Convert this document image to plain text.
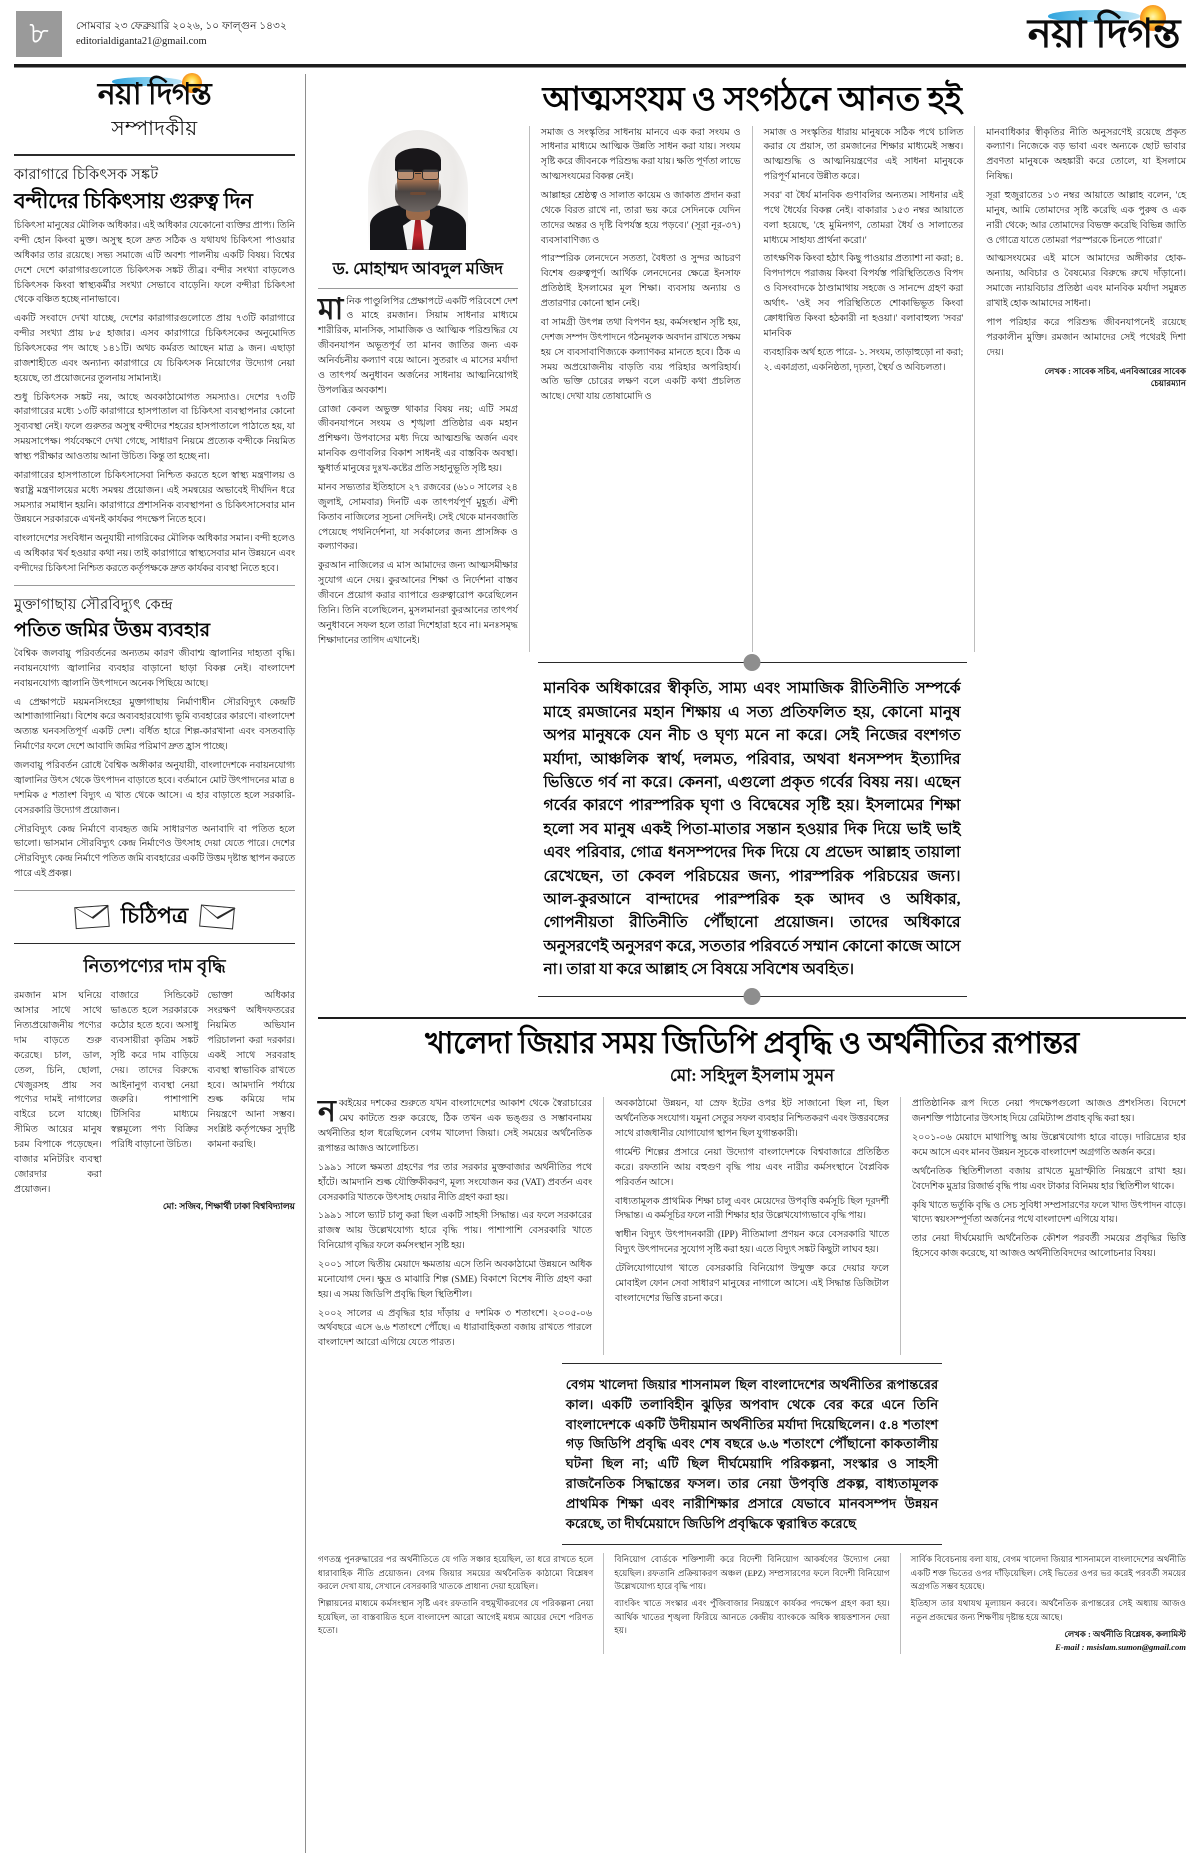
৮	সোমবার ২৩ ফেব্রুয়ারি ২০২৬, ১০ ফাল্গুন ১৪৩২
editorialdiganta21@gmail.com	নয়া দিগন্ত
নয়া দিগন্ত
সম্পাদকীয়
কারাগারে চিকিৎসক সঙ্কট
বন্দীদের চিকিৎসায় গুরুত্ব দিন

চিকিৎসা মানুষের মৌলিক অধিকার। এই অধিকার যেকোনো ব্যক্তির প্রাপ্য। তিনি বন্দী হোন কিংবা মুক্ত। অসুস্থ হলে দ্রুত সঠিক ও যথাযথ চিকিৎসা পাওয়ার অধিকার তার রয়েছে। সভ্য সমাজে এটি অবশ্য পালনীয় একটি বিষয়। বিশ্বের দেশে দেশে কারাগারগুলোতে চিকিৎসক সঙ্কট তীব্র। বন্দীর সংখ্যা বাড়লেও চিকিৎসক কিংবা স্বাস্থ্যকর্মীর সংখ্যা সেভাবে বাড়েনি। ফলে বন্দীরা চিকিৎসা থেকে বঞ্চিত হচ্ছে নানাভাবে।

একটি সংবাদে দেখা যাচ্ছে, দেশের কারাগারগুলোতে প্রায় ৭৩টি কারাগারে বন্দীর সংখ্যা প্রায় ৮৫ হাজার। এসব কারাগারে চিকিৎসকের অনুমোদিত চিকিৎসকের পদ আছে ১৪১টি। অথচ কর্মরত আছেন মাত্র ৯ জন। এছাড়া রাজশাহীতে এবং অন্যান্য কারাগারে যে চিকিৎসক নিয়োগের উদ্যোগ নেয়া হয়েছে, তা প্রয়োজনের তুলনায় সামান্যই।

শুধু চিকিৎসক সঙ্কট নয়, আছে অবকাঠামোগত সমস্যাও। দেশের ৭৩টি কারাগারের মধ্যে ১৩টি কারাগারে হাসপাতাল বা চিকিৎসা ব্যবস্থাপনার কোনো সুব্যবস্থা নেই। ফলে গুরুতর অসুস্থ বন্দীদের শহরের হাসপাতালে পাঠাতে হয়, যা সময়সাপেক্ষ। পর্যবেক্ষণে দেখা গেছে, সাধারণ নিয়মে প্রত্যেক বন্দীকে নিয়মিত স্বাস্থ্য পরীক্ষার আওতায় আনা উচিত। কিন্তু তা হচ্ছে না।

কারাগারের হাসপাতালে চিকিৎসাসেবা নিশ্চিত করতে হলে স্বাস্থ্য মন্ত্রণালয় ও স্বরাষ্ট্র মন্ত্রণালয়ের মধ্যে সমন্বয় প্রয়োজন। এই সমন্বয়ের অভাবেই দীর্ঘদিন ধরে সমস্যার সমাধান হয়নি। কারাগারে প্রশাসনিক ব্যবস্থাপনা ও চিকিৎসাসেবার মান উন্নয়নে সরকারকে এখনই কার্যকর পদক্ষেপ নিতে হবে।

বাংলাদেশের সংবিধান অনুযায়ী নাগরিকের মৌলিক অধিকার সমান। বন্দী হলেও এ অধিকার খর্ব হওয়ার কথা নয়। তাই কারাগারে স্বাস্থ্যসেবার মান উন্নয়নে এবং বন্দীদের চিকিৎসা নিশ্চিত করতে কর্তৃপক্ষকে দ্রুত কার্যকর ব্যবস্থা নিতে হবে।

মুক্তাগাছায় সৌরবিদ্যুৎ কেন্দ্র
পতিত জমির উত্তম ব্যবহার

বৈশ্বিক জলবায়ু পরিবর্তনের অন্যতম কারণ জীবাশ্ম জ্বালানির দাহ্যতা বৃদ্ধি। নবায়নযোগ্য জ্বালানির ব্যবহার বাড়ানো ছাড়া বিকল্প নেই। বাংলাদেশ নবায়নযোগ্য জ্বালানি উৎপাদনে অনেক পিছিয়ে আছে।

এ প্রেক্ষাপটে ময়মনসিংহের মুক্তাগাছায় নির্মাণাধীন সৌরবিদ্যুৎ কেন্দ্রটি আশাজাগানিয়া। বিশেষ করে অব্যবহারযোগ্য ভূমি ব্যবহারের কারণে। বাংলাদেশ অত্যন্ত ঘনবসতিপূর্ণ একটি দেশ। বর্ধিত হারে শিল্প-কারখানা এবং বসতবাড়ি নির্মাণের ফলে দেশে আবাদি জমির পরিমাণ দ্রুত হ্রাস পাচ্ছে।

জলবায়ু পরিবর্তন রোধে বৈশ্বিক অঙ্গীকার অনুযায়ী, বাংলাদেশকে নবায়নযোগ্য জ্বালানির উৎস থেকে উৎপাদন বাড়াতে হবে। বর্তমানে মোট উৎপাদনের মাত্র ৪ দশমিক ৫ শতাংশ বিদ্যুৎ এ খাত থেকে আসে। এ হার বাড়াতে হলে সরকারি-বেসরকারি উদ্যোগ প্রয়োজন।

সৌরবিদ্যুৎ কেন্দ্র নির্মাণে ব্যবহৃত জমি সাধারণত অনাবাদি বা পতিত হলে ভালো। ভাসমান সৌরবিদ্যুৎ কেন্দ্র নির্মাণেও উৎসাহ দেয়া যেতে পারে। দেশের সৌরবিদ্যুৎ কেন্দ্র নির্মাণে পতিত জমি ব্যবহারের একটি উত্তম দৃষ্টান্ত স্থাপন করতে পারে এই প্রকল্প।

চিঠিপত্র
নিত্যপণ্যের দাম বৃদ্ধি
রমজান মাস ঘনিয়ে আসার সাথে সাথে নিত্যপ্রয়োজনীয় পণ্যের দাম বাড়তে শুরু করেছে। চাল, ডাল, তেল, চিনি, ছোলা, খেজুরসহ প্রায় সব পণ্যের দামই নাগালের বাইরে চলে যাচ্ছে। সীমিত আয়ের মানুষ চরম বিপাকে পড়েছেন। বাজার মনিটরিং ব্যবস্থা জোরদার করা প্রয়োজন।
বাজারে সিন্ডিকেট ভাঙতে হলে সরকারকে কঠোর হতে হবে। অসাধু ব্যবসায়ীরা কৃত্রিম সঙ্কট সৃষ্টি করে দাম বাড়িয়ে দেয়। তাদের বিরুদ্ধে আইনানুগ ব্যবস্থা নেয়া জরুরি। পাশাপাশি টিসিবির মাধ্যমে স্বল্পমূল্যে পণ্য বিক্রির পরিধি বাড়ানো উচিত।
ভোক্তা অধিকার সংরক্ষণ অধিদফতরের নিয়মিত অভিযান পরিচালনা করা দরকার। একই সাথে সরবরাহ ব্যবস্থা স্বাভাবিক রাখতে হবে। আমদানি পর্যায়ে শুল্ক কমিয়ে দাম নিয়ন্ত্রণে আনা সম্ভব। সংশ্লিষ্ট কর্তৃপক্ষের সুদৃষ্টি কামনা করছি।
মো: সজিব, শিক্ষার্থী ঢাকা বিশ্ববিদ্যালয়
আত্মসংযম ও সংগঠনে আনত হই
ড. মোহাম্মদ আবদুল মজিদ

মানিক পাণ্ডুলিপির প্রেক্ষাপটে একটি পরিবেশে দেশ ও মাহে রমজান। সিয়াম সাধনার মাধ্যমে শারীরিক, মানসিক, সামাজিক ও আত্মিক পরিশুদ্ধির যে জীবনযাপন অভূতপূর্ব তা মানব জাতির জন্য এক অনির্বচনীয় কল্যাণ বয়ে আনে। সুতরাং এ মাসের মর্যাদা ও তাৎপর্য অনুধাবন অর্জনের সাধনায় আত্মনিয়োগই উপলব্ধির অবকাশ।

রোজা কেবল অভুক্ত থাকার বিষয় নয়; এটি সমগ্র জীবনযাপনে সংযম ও শৃঙ্খলা প্রতিষ্ঠার এক মহান প্রশিক্ষণ। উপবাসের মধ্য দিয়ে আত্মশুদ্ধি অর্জন এবং মানবিক গুণাবলির বিকাশ সাধনই এর বাস্তবিক অবস্থা। ক্ষুধার্ত মানুষের দুঃখ-কষ্টের প্রতি সহানুভূতি সৃষ্টি হয়।

মানব সভ্যতার ইতিহাসে ২৭ রজবের (৬১০ সালের ২৪ জুলাই, সোমবার) দিনটি এক তাৎপর্যপূর্ণ মুহূর্ত। ঐশী কিতাব নাজিলের সূচনা সেদিনই। সেই থেকে মানবজাতি পেয়েছে পথনির্দেশনা, যা সর্বকালের জন্য প্রাসঙ্গিক ও কল্যাণকর।

কুরআন নাজিলের এ মাস আমাদের জন্য আত্মসমীক্ষার সুযোগ এনে দেয়। কুরআনের শিক্ষা ও নির্দেশনা বাস্তব জীবনে প্রয়োগ করার ব্যাপারে গুরুত্বারোপ করেছিলেন তিনি। তিনি বলেছিলেন, মুসলমানরা কুরআনের তাৎপর্য অনুধাবনে সফল হলে তারা দিশেহারা হবে না। মনঃসমৃদ্ধ শিক্ষাদানের তাগিদ এখানেই।

সমাজ ও সংস্কৃতির সাধনায় মানবে এক করা সংযম ও সাধনার মাধ্যমে আত্মিক উন্নতি সাধন করা যায়। সংযম সৃষ্টি করে জীবনকে পরিশুদ্ধ করা যায়। ক্ষতি পূর্ণতা লাভে আত্মসংযমের বিকল্প নেই।

আল্লাহর শ্রেষ্ঠত্ব ও সালাত কায়েম ও জাকাত প্রদান করা থেকে বিরত রাখে না, তারা ভয় করে সেদিনকে যেদিন তাদের অন্তর ও দৃষ্টি বিপর্যস্ত হয়ে পড়বে।' (সূরা নূর-৩৭) ব্যবসাবাণিজ্য ও

পারস্পরিক লেনদেনে সততা, বৈধতা ও সুন্দর আচরণ বিশেষ গুরুত্বপূর্ণ। আর্থিক লেনদেনের ক্ষেত্রে ইনসাফ প্রতিষ্ঠাই ইসলামের মূল শিক্ষা। ব্যবসায় অন্যায় ও প্রতারণার কোনো স্থান নেই।

বা সামগ্রী উৎপন্ন তথা বিপণন হয়, কর্মসংস্থান সৃষ্টি হয়, দেশজ সম্পদ উৎপাদনে গঠনমূলক অবদান রাখতে সক্ষম হয় সে ব্যবসাবাণিজ্যকে কল্যাণকর মানতে হবে। ঠিক এ সময় অপ্রয়োজনীয় বাড়তি ব্যয় পরিহার অপরিহার্য। অতি ভক্তি চোরের লক্ষণ বলে একটি কথা প্রচলিত আছে। দেখা যায় তোষামোদি ও

সমাজ ও সংস্কৃতির ধারায় মানুষকে সঠিক পথে চালিত করার যে প্রয়াস, তা রমজানের শিক্ষার মাধ্যমেই সম্ভব। আত্মশুদ্ধি ও আত্মনিয়ন্ত্রণের এই সাধনা মানুষকে পরিপূর্ণ মানবে উন্নীত করে।

সবর' বা ধৈর্য মানবিক গুণাবলির অন্যতম। সাধনার এই পথে ধৈর্যের বিকল্প নেই। বাকারার ১৫৩ নম্বর আয়াতে বলা হয়েছে, 'হে মুমিনগণ, তোমরা ধৈর্য ও সালাতের মাধ্যমে সাহায্য প্রার্থনা করো।'

তাৎক্ষণিক কিংবা হঠাৎ কিছু পাওয়ার প্রত্যাশা না করা; ৪. বিপদাপদে পরাজয় কিংবা বিপর্যস্ত পরিস্থিতিতেও বিপদ ও বিসংবাদকে ঠাণ্ডামাথায় সহজে ও সানন্দে গ্রহণ করা অর্থাৎ- 'ওই সব পরিস্থিতিতে শোকাভিভূত কিংবা ক্রোধান্বিত কিংবা হঠকারী না হওয়া।' বলাবাহুল্য 'সবর' মানবিক

ব্যবহারিক অর্থ হতে পারে- ১. সংযম, তাড়াহুড়ো না করা; ২. একাগ্রতা, একনিষ্ঠতা, দৃঢ়তা, স্থৈর্য ও অবিচলতা।

মানবাধিকার স্বীকৃতির নীতি অনুসরণেই রয়েছে প্রকৃত কল্যাণ। নিজেকে বড় ভাবা এবং অন্যকে ছোট ভাবার প্রবণতা মানুষকে অহঙ্কারী করে তোলে, যা ইসলামে নিষিদ্ধ।

সূরা হুজুরাতের ১৩ নম্বর আয়াতে আল্লাহ বলেন, 'হে মানুষ, আমি তোমাদের সৃষ্টি করেছি এক পুরুষ ও এক নারী থেকে; আর তোমাদের বিভক্ত করেছি বিভিন্ন জাতি ও গোত্রে যাতে তোমরা পরস্পরকে চিনতে পারো।'

আত্মসংযমের এই মাসে আমাদের অঙ্গীকার হোক- অন্যায়, অবিচার ও বৈষম্যের বিরুদ্ধে রুখে দাঁড়ানো। সমাজে ন্যায়বিচার প্রতিষ্ঠা এবং মানবিক মর্যাদা সমুন্নত রাখাই হোক আমাদের সাধনা।

পাপ পরিহার করে পরিশুদ্ধ জীবনযাপনেই রয়েছে পরকালীন মুক্তি। রমজান আমাদের সেই পথেরই দিশা দেয়।

লেখক : সাবেক সচিব, এনবিআরের সাবেক
চেয়ারম্যান
মানবিক অধিকারের স্বীকৃতি, সাম্য এবং সামাজিক রীতিনীতি সম্পর্কে মাহে রমজানের মহান শিক্ষায় এ সত্য প্রতিফলিত হয়, কোনো মানুষ অপর মানুষকে যেন নীচ ও ঘৃণ্য মনে না করে। সেই নিজের বংশগত মর্যাদা, আঞ্চলিক স্বার্থ, দলমত, পরিবার, অথবা ধনসম্পদ ইত্যাদির ভিত্তিতে গর্ব না করে। কেননা, এগুলো প্রকৃত গর্বের বিষয় নয়। এছেন গর্বের কারণে পারস্পরিক ঘৃণা ও বিদ্বেষের সৃষ্টি হয়। ইসলামের শিক্ষা হলো সব মানুষ একই পিতা-মাতার সন্তান হওয়ার দিক দিয়ে ভাই ভাই এবং পরিবার, গোত্র ধনসম্পদের দিক দিয়ে যে প্রভেদ আল্লাহ তায়ালা রেখেছেন, তা কেবল পরিচয়ের জন্য, পারস্পরিক পরিচয়ের জন্য। আল-কুরআনে বান্দাদের পারস্পরিক হক আদব ও অধিকার, গোপনীয়তা রীতিনীতি পৌঁছানো প্রয়োজন। তাদের অধিকারে অনুসরণেই অনুসরণ করে, সততার পরিবর্তে সম্মান কোনো কাজে আসে না। তারা যা করে আল্লাহ সে বিষয়ে সবিশেষ অবহিত।
খালেদা জিয়ার সময় জিডিপি প্রবৃদ্ধি ও অর্থনীতির রূপান্তর
মো: সহিদুল ইসলাম সুমন

নব্বইয়ের দশকের শুরুতে যখন বাংলাদেশের আকাশ থেকে স্বৈরাচারের মেঘ কাটতে শুরু করেছে, ঠিক তখন এক ভঙ্গুর ও সম্ভাবনাময় অর্থনীতির হাল ধরেছিলেন বেগম খালেদা জিয়া। সেই সময়ের অর্থনৈতিক রূপান্তর আজও আলোচিত।

১৯৯১ সালে ক্ষমতা গ্রহণের পর তার সরকার মুক্তবাজার অর্থনীতির পথে হাঁটে। আমদানি শুল্ক যৌক্তিকীকরণ, মূল্য সংযোজন কর (VAT) প্রবর্তন এবং বেসরকারি খাতকে উৎসাহ দেয়ার নীতি গ্রহণ করা হয়।

১৯৯১ সালে ভ্যাট চালু করা ছিল একটি সাহসী সিদ্ধান্ত। এর ফলে সরকারের রাজস্ব আয় উল্লেখযোগ্য হারে বৃদ্ধি পায়। পাশাপাশি বেসরকারি খাতে বিনিয়োগ বৃদ্ধির ফলে কর্মসংস্থান সৃষ্টি হয়।

২০০১ সালে দ্বিতীয় মেয়াদে ক্ষমতায় এসে তিনি অবকাঠামো উন্নয়নে অধিক মনোযোগ দেন। ক্ষুদ্র ও মাঝারি শিল্প (SME) বিকাশে বিশেষ নীতি গ্রহণ করা হয়। এ সময় জিডিপি প্রবৃদ্ধি ছিল স্থিতিশীল।

২০০২ সালের এ প্রবৃদ্ধির হার দাঁড়ায় ৫ দশমিক ৩ শতাংশে। ২০০৫-০৬ অর্থবছরে এসে ৬.৬ শতাংশে পৌঁছে। এ ধারাবাহিকতা বজায় রাখতে পারলে বাংলাদেশ আরো এগিয়ে যেতে পারত।

অবকাঠামো উন্নয়ন, যা স্রেফ ইটের ওপর ইট সাজানো ছিল না, ছিল অর্থনৈতিক সংযোগ। যমুনা সেতুর সফল ব্যবহার নিশ্চিতকরণ এবং উত্তরবঙ্গের সাথে রাজধানীর যোগাযোগ স্থাপন ছিল যুগান্তকারী।

গার্মেন্ট শিল্পের প্রসারে নেয়া উদ্যোগ বাংলাদেশকে বিশ্ববাজারে প্রতিষ্ঠিত করে। রফতানি আয় বহুগুণ বৃদ্ধি পায় এবং নারীর কর্মসংস্থানে বৈপ্লবিক পরিবর্তন আসে।

বাধ্যতামূলক প্রাথমিক শিক্ষা চালু এবং মেয়েদের উপবৃত্তি কর্মসূচি ছিল দূরদর্শী সিদ্ধান্ত। এ কর্মসূচির ফলে নারী শিক্ষার হার উল্লেখযোগ্যভাবে বৃদ্ধি পায়।

স্বাধীন বিদ্যুৎ উৎপাদনকারী (IPP) নীতিমালা প্রণয়ন করে বেসরকারি খাতে বিদ্যুৎ উৎপাদনের সুযোগ সৃষ্টি করা হয়। এতে বিদ্যুৎ সঙ্কট কিছুটা লাঘব হয়।

টেলিযোগাযোগ খাতে বেসরকারি বিনিয়োগ উন্মুক্ত করে দেয়ার ফলে মোবাইল ফোন সেবা সাধারণ মানুষের নাগালে আসে। এই সিদ্ধান্ত ডিজিটাল বাংলাদেশের ভিত্তি রচনা করে।

প্রাতিষ্ঠানিক রূপ দিতে নেয়া পদক্ষেপগুলো আজও প্রশংসিত। বিদেশে জনশক্তি পাঠানোর উৎসাহ দিয়ে রেমিট্যান্স প্রবাহ বৃদ্ধি করা হয়।

২০০১-০৬ মেয়াদে মাথাপিছু আয় উল্লেখযোগ্য হারে বাড়ে। দারিদ্র্যের হার কমে আসে এবং মানব উন্নয়ন সূচকে বাংলাদেশ অগ্রগতি অর্জন করে।

অর্থনৈতিক স্থিতিশীলতা বজায় রাখতে মুদ্রাস্ফীতি নিয়ন্ত্রণে রাখা হয়। বৈদেশিক মুদ্রার রিজার্ভ বৃদ্ধি পায় এবং টাকার বিনিময় হার স্থিতিশীল থাকে।

কৃষি খাতে ভর্তুকি বৃদ্ধি ও সেচ সুবিধা সম্প্রসারণের ফলে খাদ্য উৎপাদন বাড়ে। খাদ্যে স্বয়ংসম্পূর্ণতা অর্জনের পথে বাংলাদেশ এগিয়ে যায়।

তার নেয়া দীর্ঘমেয়াদি অর্থনৈতিক কৌশল পরবর্তী সময়ের প্রবৃদ্ধির ভিত্তি হিসেবে কাজ করেছে, যা আজও অর্থনীতিবিদদের আলোচনার বিষয়।

বেগম খালেদা জিয়ার শাসনামল ছিল বাংলাদেশের অর্থনীতির রূপান্তরের কাল। একটি তলাবিহীন ঝুড়ির অপবাদ থেকে বের করে এনে তিনি বাংলাদেশকে একটি উদীয়মান অর্থনীতির মর্যাদা দিয়েছিলেন। ৫.৪ শতাংশ গড় জিডিপি প্রবৃদ্ধি এবং শেষ বছরে ৬.৬ শতাংশে পৌঁছানো কাকতালীয় ঘটনা ছিল না; এটি ছিল দীর্ঘমেয়াদি পরিকল্পনা, সংস্কার ও সাহসী রাজনৈতিক সিদ্ধান্তের ফসল। তার নেয়া উপবৃত্তি প্রকল্প, বাধ্যতামূলক প্রাথমিক শিক্ষা এবং নারীশিক্ষার প্রসারে যেভাবে মানবসম্পদ উন্নয়ন করেছে, তা দীর্ঘমেয়াদে জিডিপি প্রবৃদ্ধিকে ত্বরান্বিত করেছে

গণতন্ত্র পুনরুদ্ধারের পর অর্থনীতিতে যে গতি সঞ্চার হয়েছিল, তা ধরে রাখতে হলে ধারাবাহিক নীতি প্রয়োজন। বেগম জিয়ার সময়ের অর্থনৈতিক কাঠামো বিশ্লেষণ করলে দেখা যায়, সেখানে বেসরকারি খাতকে প্রাধান্য দেয়া হয়েছিল।

শিল্পায়নের মাধ্যমে কর্মসংস্থান সৃষ্টি এবং রফতানি বহুমুখীকরণের যে পরিকল্পনা নেয়া হয়েছিল, তা বাস্তবায়িত হলে বাংলাদেশ আরো আগেই মধ্যম আয়ের দেশে পরিণত হতো।

বিনিয়োগ বোর্ডকে শক্তিশালী করে বিদেশী বিনিয়োগ আকর্ষণের উদ্যোগ নেয়া হয়েছিল। রফতানি প্রক্রিয়াকরণ অঞ্চল (EPZ) সম্প্রসারণের ফলে বিদেশী বিনিয়োগ উল্লেখযোগ্য হারে বৃদ্ধি পায়।

ব্যাংকিং খাতে সংস্কার এবং পুঁজিবাজার নিয়ন্ত্রণে কার্যকর পদক্ষেপ গ্রহণ করা হয়। আর্থিক খাতের শৃঙ্খলা ফিরিয়ে আনতে কেন্দ্রীয় ব্যাংককে অধিক স্বায়ত্তশাসন দেয়া হয়।

সার্বিক বিবেচনায় বলা যায়, বেগম খালেদা জিয়ার শাসনামলে বাংলাদেশের অর্থনীতি একটি শক্ত ভিতের ওপর দাঁড়িয়েছিল। সেই ভিতের ওপর ভর করেই পরবর্তী সময়ের অগ্রগতি সম্ভব হয়েছে।

ইতিহাস তার যথাযথ মূল্যায়ন করবে। অর্থনৈতিক রূপান্তরের সেই অধ্যায় আজও নতুন প্রজন্মের জন্য শিক্ষণীয় দৃষ্টান্ত হয়ে আছে।

লেখক : অর্থনীতি বিশ্লেষক, কলামিস্ট
E-mail : msislam.sumon@gmail.com
